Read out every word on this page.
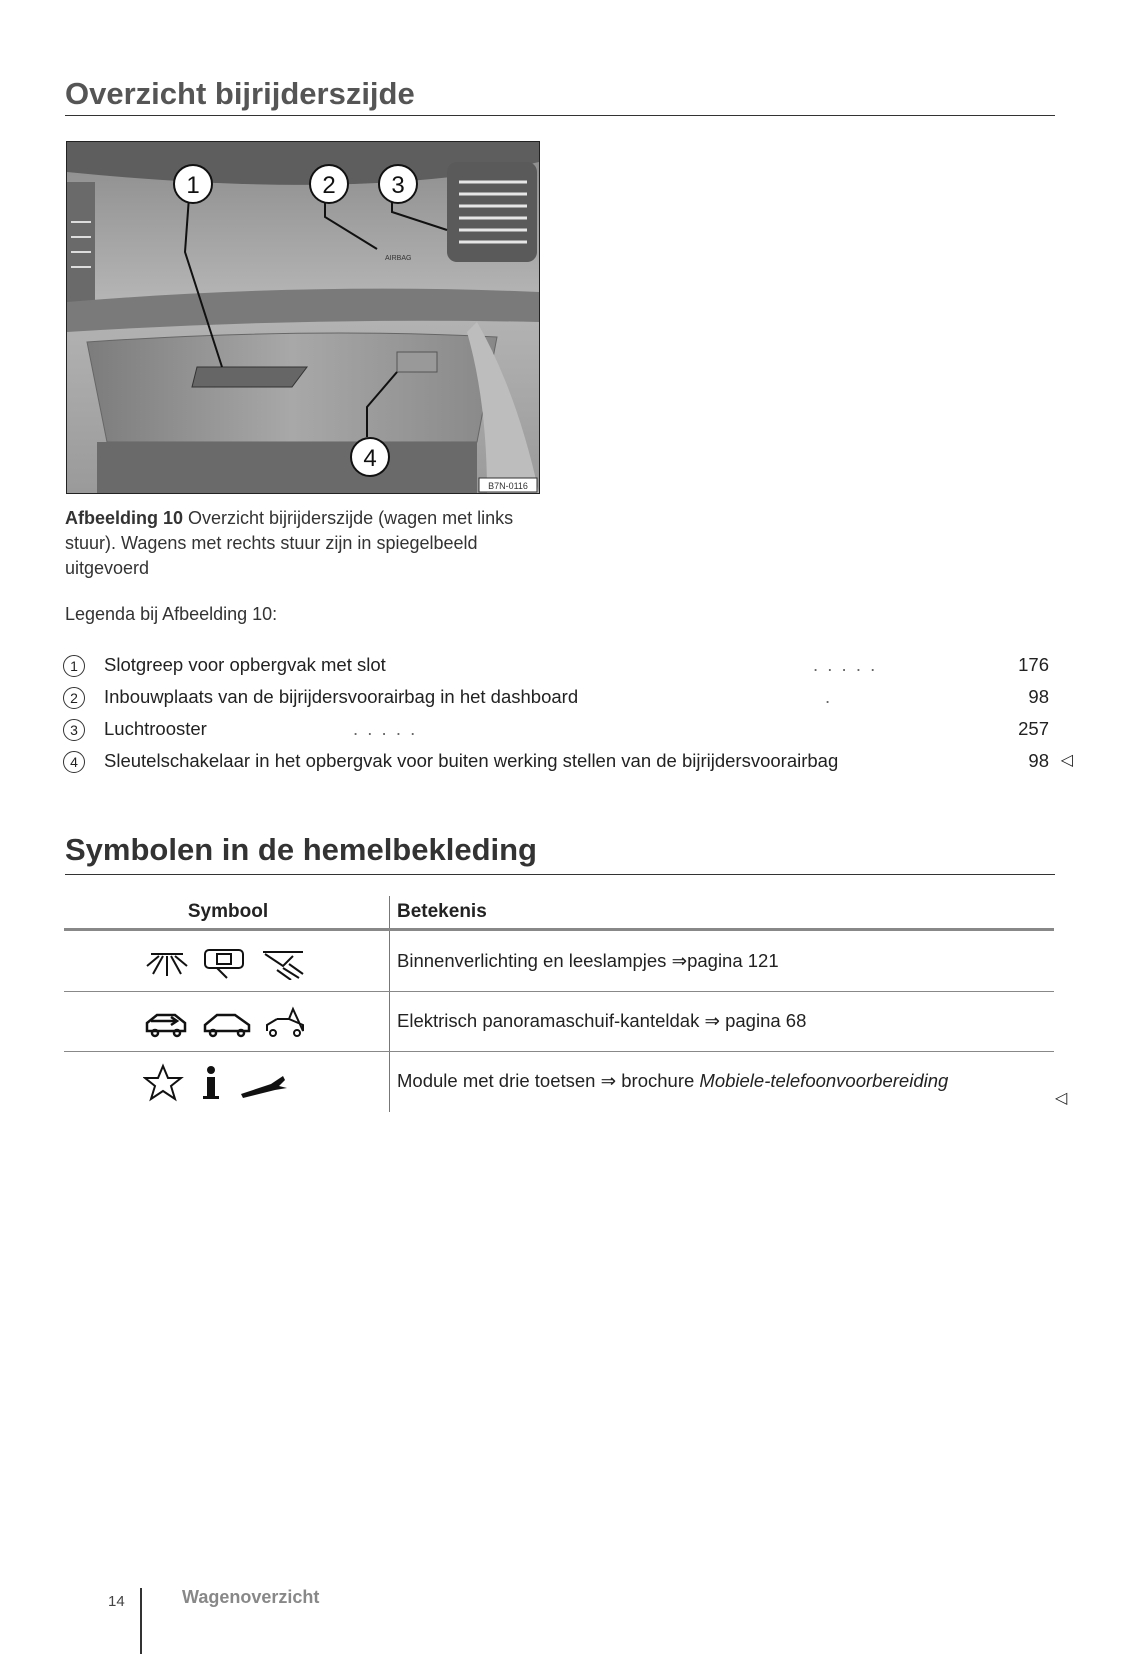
Overzicht bijrijderszijde
AIRBAG
1	2 3
4
B7N-0116
Afbeelding 10 Overzicht bijrijderszijde (wagen met links stuur). Wagens met rechts stuur zijn in spiegelbeeld uitgevoerd
Legenda bij Afbeelding 10:
1	Slotgreep voor opbergvak met slot	. . . . .	176
2	Inbouwplaats van de bijrijdersvoorairbag in het dashboard	.	98
3	Luchtrooster	. . . . .	257
4	Sleutelschakelaar in het opbergvak voor buiten werking stellen van de bijrijdersvoorairbag	98 ◁
Symbolen in de hemelbekleding
Symbool	Betekenis
Binnenverlichting en leeslampjes ⇒pagina 121
Elektrisch panoramaschuif-kanteldak ⇒ pagina 68
Module met drie toetsen ⇒ brochure Mobiele-telefoonvoorbereiding
◁
14	Wagenoverzicht
